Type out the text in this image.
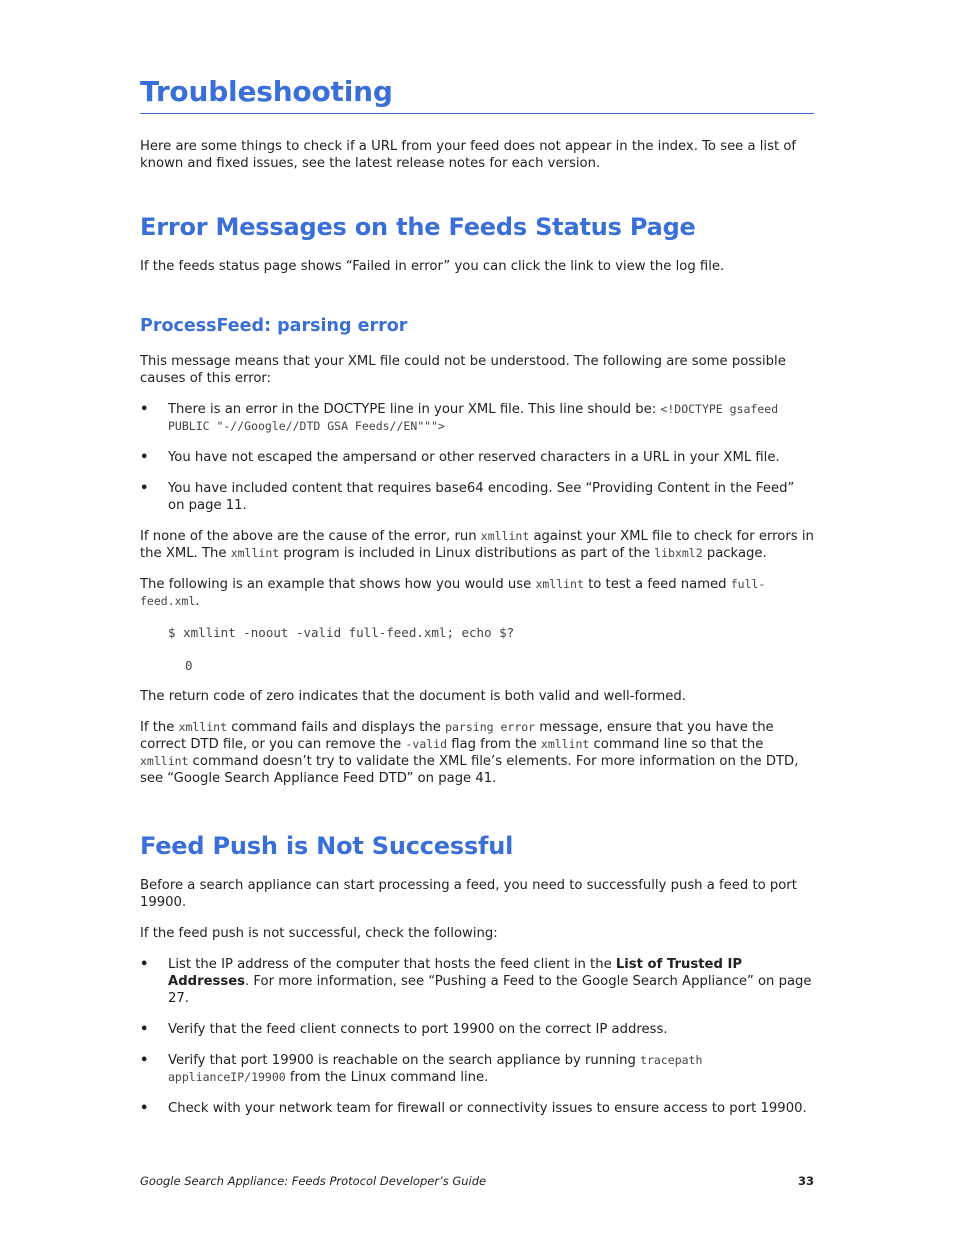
Troubleshooting

Here are some things to check if a URL from your feed does not appear in the index. To see a list of known and fixed issues, see the latest release notes for each version.

Error Messages on the Feeds Status Page

If the feeds status page shows “Failed in error” you can click the link to view the log file.

ProcessFeed: parsing error

This message means that your XML file could not be understood. The following are some possible causes of this error:

• There is an error in the DOCTYPE line in your XML file. This line should be: <!DOCTYPE gsafeed PUBLIC "-//Google//DTD GSA Feeds//EN""">
• You have not escaped the ampersand or other reserved characters in a URL in your XML file.
• You have included content that requires base64 encoding. See “Providing Content in the Feed” on page 11.

If none of the above are the cause of the error, run xmllint against your XML file to check for errors in the XML. The xmllint program is included in Linux distributions as part of the libxml2 package.

The following is an example that shows how you would use xmllint to test a feed named full-feed.xml.

$ xmllint -noout -valid full-feed.xml; echo $?
0

The return code of zero indicates that the document is both valid and well-formed.

If the xmllint command fails and displays the parsing error message, ensure that you have the correct DTD file, or you can remove the -valid flag from the xmllint command line so that the xmllint command doesn’t try to validate the XML file’s elements. For more information on the DTD, see “Google Search Appliance Feed DTD” on page 41.

Feed Push is Not Successful

Before a search appliance can start processing a feed, you need to successfully push a feed to port 19900.

If the feed push is not successful, check the following:

• List the IP address of the computer that hosts the feed client in the List of Trusted IP Addresses. For more information, see “Pushing a Feed to the Google Search Appliance” on page 27.
• Verify that the feed client connects to port 19900 on the correct IP address.
• Verify that port 19900 is reachable on the search appliance by running tracepath applianceIP/19900 from the Linux command line.
• Check with your network team for firewall or connectivity issues to ensure access to port 19900.
Google Search Appliance: Feeds Protocol Developer’s Guide	33
